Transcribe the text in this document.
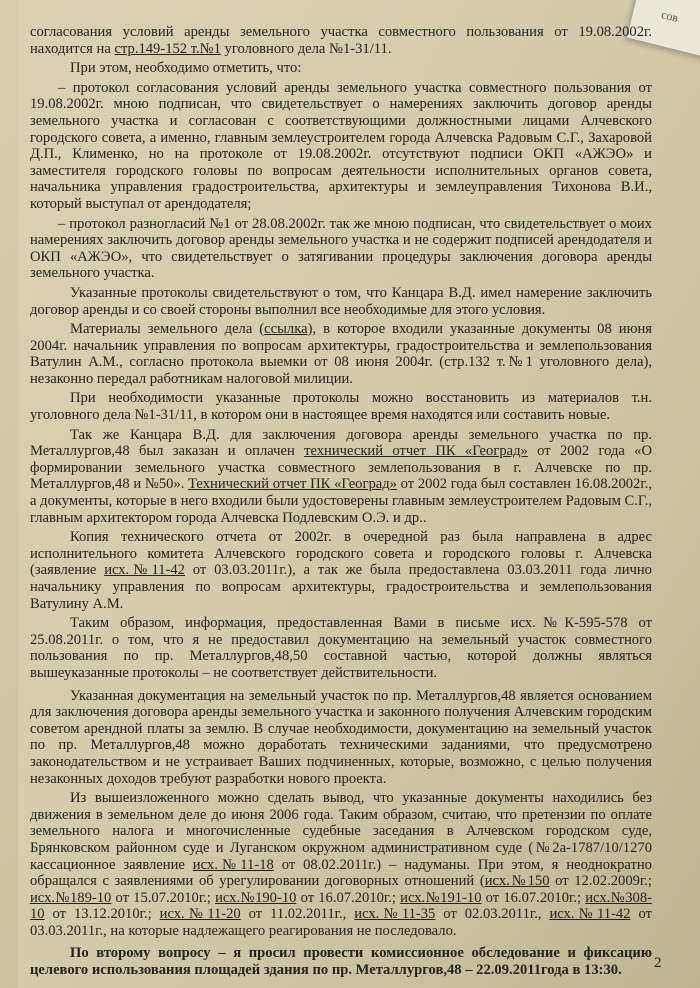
сов

согласования условий аренды земельного участка совместного пользования от 19.08.2002г. находится на стр.149-152 т.№1 уголовного дела №1-31/11.

При этом, необходимо отметить, что:

– протокол согласования условий аренды земельного участка совместного пользования от 19.08.2002г. мною подписан, что свидетельствует о намерениях заключить договор аренды земельного участка и согласован с соответствующими должностными лицами Алчевского городского совета, а именно, главным землеустроителем города Алчевска Радовым С.Г., Захаровой Д.П., Клименко, но на протоколе от 19.08.2002г. отсутствуют подписи ОКП «АЖЭО» и заместителя городского головы по вопросам деятельности исполнительных органов совета, начальника управления градостроительства, архитектуры и землеуправления Тихонова В.И., который выступал от арендодателя;

– протокол разногласий №1 от 28.08.2002г. так же мною подписан, что свидетельствует о моих намерениях заключить договор аренды земельного участка и не содержит подписей арендодателя и ОКП «АЖЭО», что свидетельствует о затягивании процедуры заключения договора аренды земельного участка.

Указанные протоколы свидетельствуют о том, что Канцара В.Д. имел намерение заключить договор аренды и со своей стороны выполнил все необходимые для этого условия.

Материалы земельного дела (ссылка), в которое входили указанные документы 08 июня 2004г. начальник управления по вопросам архитектуры, градостроительства и землепользования Ватулин А.М., согласно протокола выемки от 08 июня 2004г. (стр.132 т.№1 уголовного дела), незаконно передал работникам налоговой милиции.

При необходимости указанные протоколы можно восстановить из материалов т.н. уголовного дела №1-31/11, в котором они в настоящее время находятся или составить новые.

Так же Канцара В.Д. для заключения договора аренды земельного участка по пр. Металлургов,48 был заказан и оплачен технический отчет ПК «Геоград» от 2002 года «О формировании земельного участка совместного землепользования в г. Алчевске по пр. Металлургов,48 и №50». Технический отчет ПК «Геоград» от 2002 года был составлен 16.08.2002г., а документы, которые в него входили были удостоверены главным землеустроителем Радовым С.Г., главным архитектором города Алчевска Подлевским О.Э. и др..

Копия технического отчета от 2002г. в очередной раз была направлена в адрес исполнительного комитета Алчевского городского совета и городского головы г. Алчевска (заявление исх.№11-42 от 03.03.2011г.), а так же была предоставлена 03.03.2011 года лично начальнику управления по вопросам архитектуры, градостроительства и землепользования Ватулину А.М.

Таким образом, информация, предоставленная Вами в письме исх.№К-595-578 от 25.08.2011г. о том, что я не предоставил документацию на земельный участок совместного пользования по пр. Металлургов,48,50 составной частью, которой должны являться вышеуказанные протоколы – не соответствует действительности.

Указанная документация на земельный участок по пр. Металлургов,48 является основанием для заключения договора аренды земельного участка и законного получения Алчевским городским советом арендной платы за землю. В случае необходимости, документацию на земельный участок по пр. Металлургов,48 можно доработать техническими заданиями, что предусмотрено законодательством и не устраивает Ваших подчиненных, которые, возможно, с целью получения незаконных доходов требуют разработки нового проекта.

Из вышеизложенного можно сделать вывод, что указанные документы находились без движения в земельном деле до июня 2006 года. Таким образом, считаю, что претензии по оплате земельного налога и многочисленные судебные заседания в Алчевском городском суде, Брянковском районном суде и Луганском окружном административном суде (№2а-1787/10/1270 кассационное заявление исх.№11-18 от 08.02.2011г.) – надуманы. При этом, я неоднократно обращался с заявлениями об урегулировании договорных отношений (исх.№150 от 12.02.2009г.; исх.№189-10 от 15.07.2010г.; исх.№190-10 от 16.07.2010г.; исх.№191-10 от 16.07.2010г.; исх.№308-10 от 13.12.2010г.; исх.№11-20 от 11.02.2011г., исх.№11-35 от 02.03.2011г., исх.№11-42 от 03.03.2011г., на которые надлежащего реагирования не последовало.

По второму вопросу – я просил провести комиссионное обследование и фиксацию целевого использования площадей здания по пр. Металлургов,48 – 22.09.2011года в 13:30.	2
